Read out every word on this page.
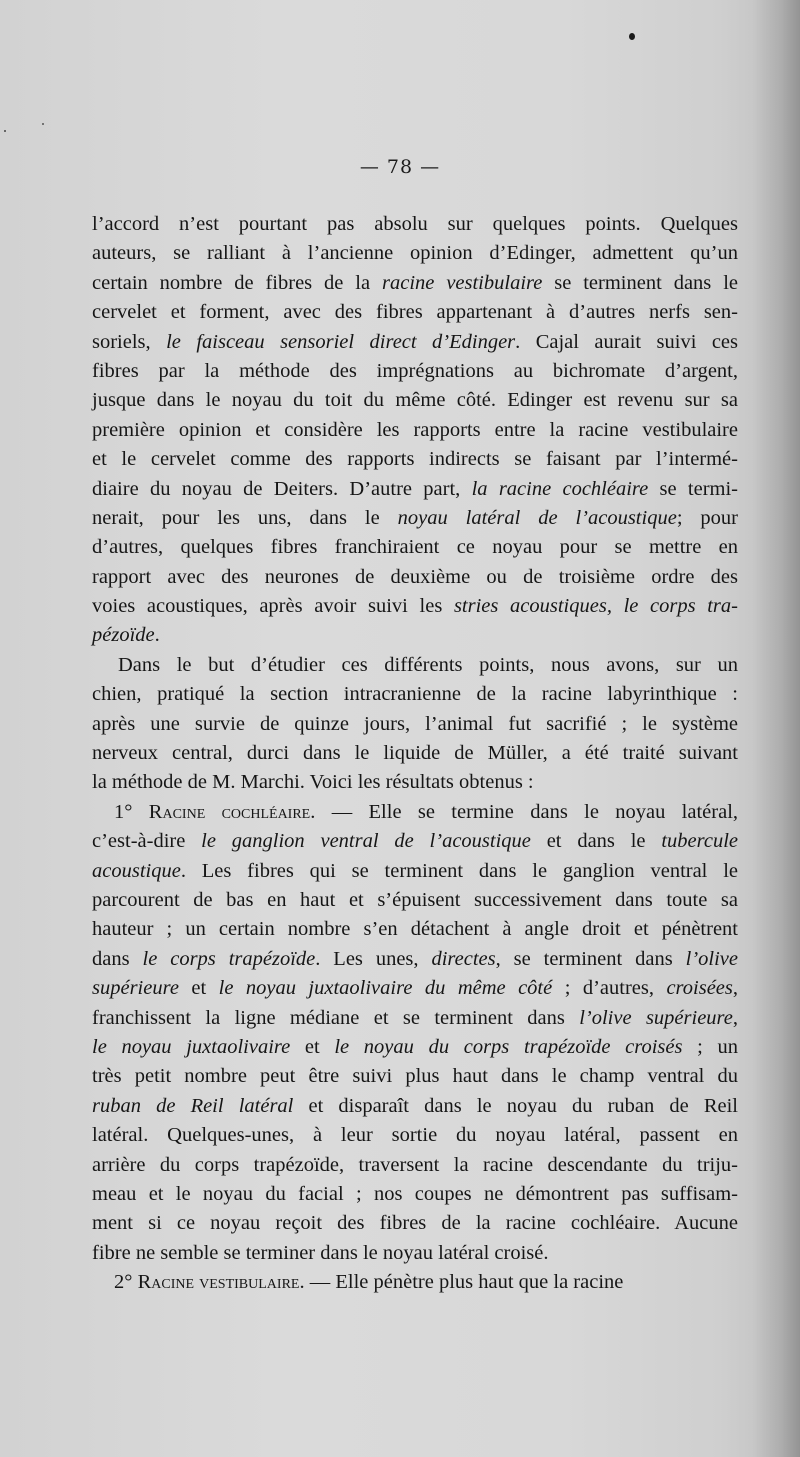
— 78 —
l’accord n’est pourtant pas absolu sur quelques points. Quelques
auteurs, se ralliant à l’ancienne opinion d’Edinger, admettent qu’un
certain nombre de fibres de la racine vestibulaire se terminent dans le
cervelet et forment, avec des fibres appartenant à d’autres nerfs sen-
soriels, le faisceau sensoriel direct d’Edinger. Cajal aurait suivi ces
fibres par la méthode des imprégnations au bichromate d’argent,
jusque dans le noyau du toit du même côté. Edinger est revenu sur sa
première opinion et considère les rapports entre la racine vestibulaire
et le cervelet comme des rapports indirects se faisant par l’intermé-
diaire du noyau de Deiters. D’autre part, la racine cochléaire se termi-
nerait, pour les uns, dans le noyau latéral de l’acoustique; pour
d’autres, quelques fibres franchiraient ce noyau pour se mettre en
rapport avec des neurones de deuxième ou de troisième ordre des
voies acoustiques, après avoir suivi les stries acoustiques, le corps tra-
pézoïde.
Dans le but d’étudier ces différents points, nous avons, sur un
chien, pratiqué la section intracranienne de la racine labyrinthique :
après une survie de quinze jours, l’animal fut sacrifié ; le système
nerveux central, durci dans le liquide de Müller, a été traité suivant
la méthode de M. Marchi. Voici les résultats obtenus :
1° Racine cochléaire. — Elle se termine dans le noyau latéral,
c’est-à-dire le ganglion ventral de l’acoustique et dans le tubercule
acoustique. Les fibres qui se terminent dans le ganglion ventral le
parcourent de bas en haut et s’épuisent successivement dans toute sa
hauteur ; un certain nombre s’en détachent à angle droit et pénètrent
dans le corps trapézoïde. Les unes, directes, se terminent dans l’olive
supérieure et le noyau juxtaolivaire du même côté ; d’autres, croisées,
franchissent la ligne médiane et se terminent dans l’olive supérieure,
le noyau juxtaolivaire et le noyau du corps trapézoïde croisés ; un
très petit nombre peut être suivi plus haut dans le champ ventral du
ruban de Reil latéral et disparaît dans le noyau du ruban de Reil
latéral. Quelques-unes, à leur sortie du noyau latéral, passent en
arrière du corps trapézoïde, traversent la racine descendante du triju-
meau et le noyau du facial ; nos coupes ne démontrent pas suffisam-
ment si ce noyau reçoit des fibres de la racine cochléaire. Aucune
fibre ne semble se terminer dans le noyau latéral croisé.
2° Racine vestibulaire. — Elle pénètre plus haut que la racine
